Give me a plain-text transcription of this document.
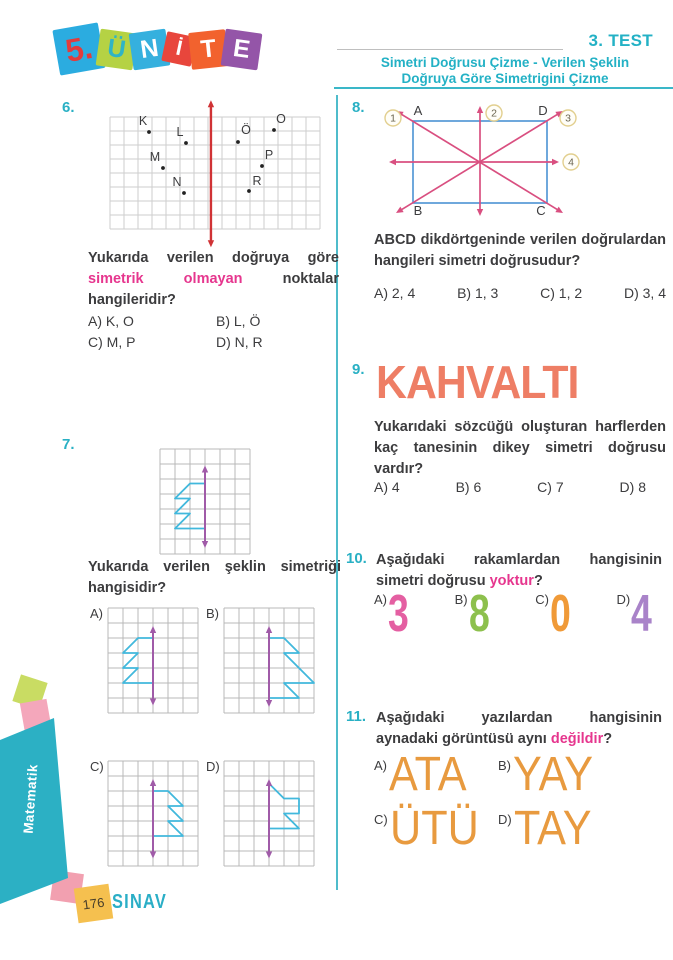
5. Ü N İ T E	3. TEST
Simetri Doğrusu Çizme - Verilen Şeklin
Doğruya Göre Simetrigini Çizme
6.
K
L
M
N
Ö
O
P
R
Yukarıda verilen doğruya göre simetrik olmayan noktalar hangileridir?
A) K, O	B) L, Ö
C) M, P	D) N, R
7.
Yukarıda verilen şeklin simetriği hangisidir?
A)	B)
C)	D)
8.
1	2	3
4
A	D
B	C
ABCD dikdörtgeninde verilen doğrulardan hangileri simetri doğrusudur?
A) 2, 4	B) 1, 3	C) 1, 2	D) 3, 4
9. KAHVALTI
Yukarıdaki sözcüğü oluşturan harflerden kaç tanesinin dikey simetri doğrusu vardır?
A) 4	B) 6	C) 7	D) 8
10. Aşağıdaki rakamlardan hangisinin simetri doğrusu yoktur?
A) 3	B) 8	C) 0	D) 4
11. Aşağıdaki yazılardan hangisinin aynadaki görüntüsü aynı değildir?
A) ATA B) YAY
C) ÜTÜ D) TAY
176
Matematik
SINAV
